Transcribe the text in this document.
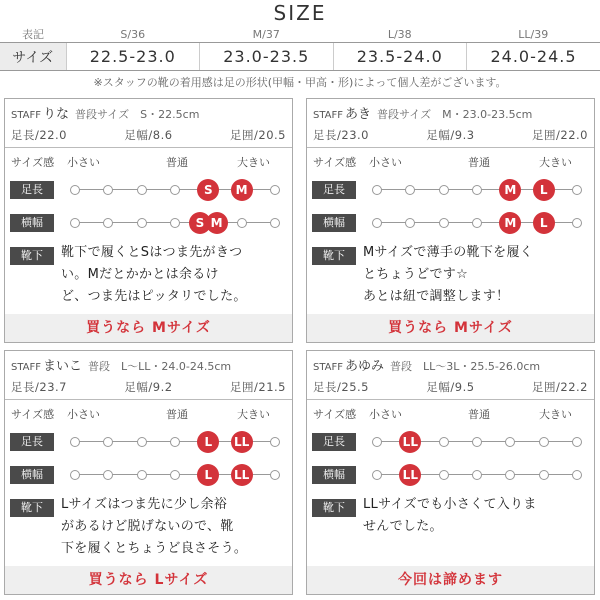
SIZE
表記	S/36	M/37	L/38	LL/39
サイズ	22.5-23.0	23.0-23.5	23.5-24.0	24.0-24.5
※スタッフの靴の着用感は足の形状(甲幅・甲高・形)によって個人差がございます。
STAFF りな 普段サイズ　S・22.5cm
足長/22.0	足幅/8.6	足囲/20.5
サイズ感 小さい	普通	大きい
足長	S	M
横幅	S M
靴下	靴下で履くとSはつま先がきつ
い。Mだとかかとは余るけ
ど、つま先はピッタリでした。
買うなら Mサイズ
STAFF あき 普段サイズ　M・23.0-23.5cm
足長/23.0	足幅/9.3	足囲/22.0
サイズ感 小さい	普通	大きい
足長	M	L
横幅	M	L
靴下	Mサイズで薄手の靴下を履く
とちょうどです☆
あとは紐で調整します！
買うなら Mサイズ
STAFF まいこ 普段　L〜LL・24.0-24.5cm
足長/23.7	足幅/9.2	足囲/21.5
サイズ感 小さい	普通	大きい
足長	L	LL
横幅	L	LL
靴下	Lサイズはつま先に少し余裕
があるけど脱げないので、靴
下を履くとちょうど良さそう。
買うなら Lサイズ
STAFF あゆみ 普段　LL〜3L・25.5-26.0cm
足長/25.5	足幅/9.5	足囲/22.2
サイズ感 小さい	普通	大きい
足長	LL
横幅	LL
靴下	LLサイズでも小さくて入りま
せんでした。
今回は諦めます
